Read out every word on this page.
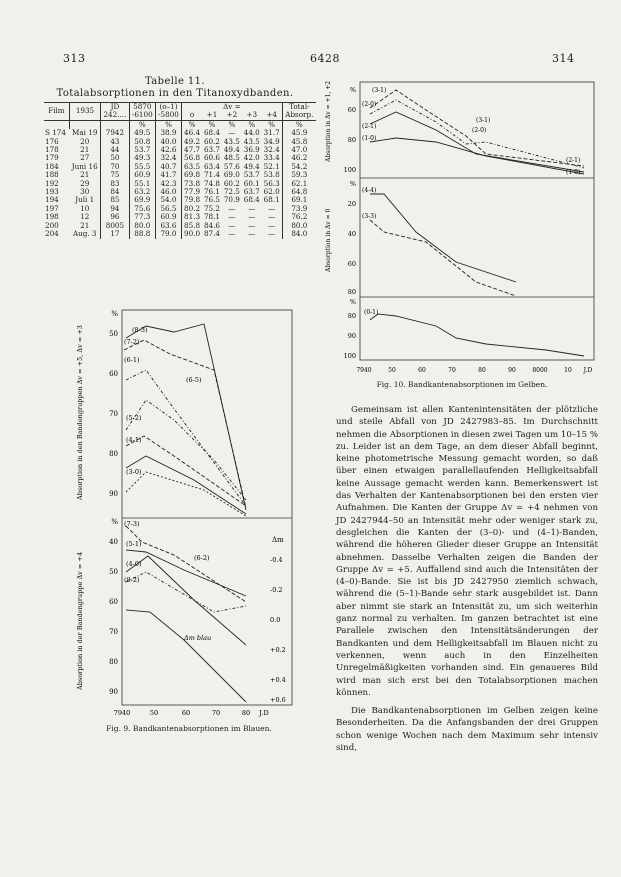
313	6428	314
Tabelle 11.
Totalabsorptionen in den Titanoxydbanden.
Film	1935	JD	5870	(o–1)	Δv =					Total-
		242....	-6100	-5800	o	+1	+2	+3	+4	Absorp.
			%	%	%	%	%	%	%	%
S 174	Mai 19	7942	49.5	38.9	46.4	68.4	—	44.0	31.7	45.9
176	20	43	50.8	40.0	49.2	60.2	43.5	43.5	34.9	45.8
178	21	44	53.7	42.6	47.7	63.7	49.4	36.9	32.4	47.0
179	27	50	49.3	32.4	56.8	60.6	48.5	42.0	33.4	46.2
184	Juni 16	70	55.5	40.7	63.5	63.4	57.6	49.4	52.1	54.2
188	21	75	60.9	41.7	69.8	71.4	69.0	53.7	53.8	59.3
192	29	83	55.1	42.3	73.8	74.8	60.2	60.1	56.3	62.1
193	30	84	63.2	46.0	77.9	76.1	72.5	63.7	62.0	64.8
194	Juli 1	85	69.9	54.0	79.8	76.5	70.9	68.4	68.1	69.1
197	10	94	75.6	56.5	80.2	75.2	—	—	—	73.9
198	12	96	77.3	60.9	81.3	78.1	—	—	—	76.2
200	21	8005	80.0	63.6	85.8	84.6	—	—	—	80.0
204	Aug. 3	17	88.8	79.0	90.0	87.4	—	—	—	84.0
%
50
60
70
80
90
(8-3)
(7-2)
(6-1)
(6-5)
(5-2)
(4-1)
(3-0)
Absorption in den Bandengruppen Δv = +5, Δv = +3
%
40
50
60
70
80
90
(7-3)
(6-2)
(5-1)
(4-0)
(8-2)
Δm blau
Δm
-0.4
-0.2
0.0
+0.2
+0.4
+0.6
Absorption in der Bandengruppe Δv = +4
7940	50	60	70	80 J.D
Fig. 9. Bandkantenabsorptionen im Blauen.
%
60
80
100
(3-1)
(2-0)
(2-1)
(1-0)
(3-1)
(2-0)
(2-1)
(1-0)
Absorption in Δv = +1, +2
%
20
40
60
80
(4-4)
(3-3)
Absorption in Δv = 0
%
80
90
100
(0-1)
7940	50	60	70	80	90	8000	10 J.D
Fig. 10. Bandkantenabsorptionen im Gelben.

Gemeinsam ist allen Kantenintensitäten der plötzliche und steile Abfall von JD 2427983–85. Im Durchschnitt nehmen die Absorptionen in diesen zwei Tagen um 10–15 % zu. Leider ist an dem Tage, an dem dieser Abfall beginnt, keine photometrische Messung gemacht worden, so daß über einen etwaigen parallellaufenden Helligkeitsabfall keine Aussage gemacht werden kann. Bemerkenswert ist das Verhalten der Kantenabsorptionen bei den ersten vier Aufnahmen. Die Kanten der Gruppe Δv = +4 nehmen von JD 2427944–50 an Intensität mehr oder weniger stark zu, desgleichen die Kanten der (3–0)- und (4–1)-Banden, während die höheren Glieder dieser Gruppe an Intensität abnehmen. Dasselbe Verhalten zeigen die Banden der Gruppe Δv = +5. Auffallend sind auch die Intensitäten der (4–0)-Bande. Sie ist bis JD 2427950 ziemlich schwach, während die (5–1)-Bande sehr stark ausgebildet ist. Dann aber nimmt sie stark an Intensität zu, um sich weiterhin ganz normal zu verhalten. Im ganzen betrachtet ist eine Parallele zwischen den Intensitätsänderungen der Bandkanten und dem Helligkeitsabfall im Blauen nicht zu verkennen, wenn auch in den Einzelheiten Unregelmäßigkeiten vorhanden sind. Ein genaueres Bild wird man sich erst bei den Totalabsorptionen machen können.

Die Bandkantenabsorptionen im Gelben zeigen keine Besonderheiten. Da die Anfangsbanden der drei Gruppen schon wenige Wochen nach dem Maximum sehr intensiv sind,
